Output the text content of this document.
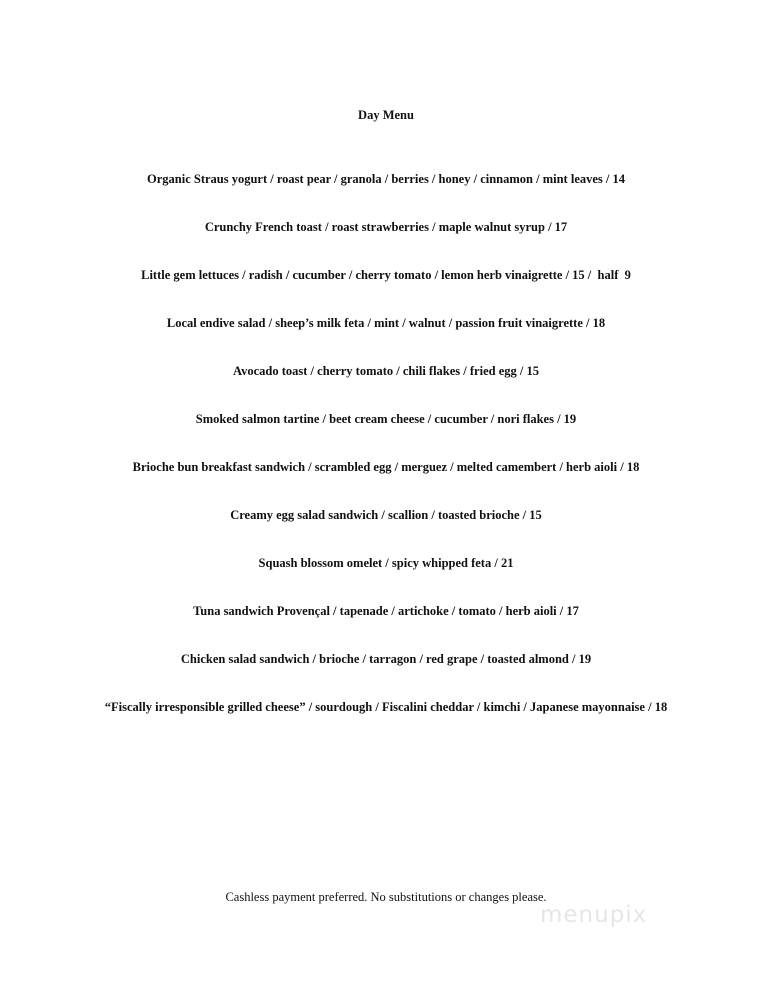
Day Menu
Organic Straus yogurt / roast pear / granola / berries / honey / cinnamon / mint leaves / 14
Crunchy French toast / roast strawberries / maple walnut syrup / 17
Little gem lettuces / radish / cucumber / cherry tomato / lemon herb vinaigrette / 15 /  half  9
Local endive salad / sheep’s milk feta / mint / walnut / passion fruit vinaigrette / 18
Avocado toast / cherry tomato / chili flakes / fried egg / 15
Smoked salmon tartine / beet cream cheese / cucumber / nori flakes / 19
Brioche bun breakfast sandwich / scrambled egg / merguez / melted camembert / herb aioli / 18
Creamy egg salad sandwich / scallion / toasted brioche / 15
Squash blossom omelet / spicy whipped feta / 21
Tuna sandwich Provençal / tapenade / artichoke / tomato / herb aioli / 17
Chicken salad sandwich / brioche / tarragon / red grape / toasted almond / 19
“Fiscally irresponsible grilled cheese” / sourdough / Fiscalini cheddar / kimchi / Japanese mayonnaise / 18
Cashless payment preferred. No substitutions or changes please.
menupix
